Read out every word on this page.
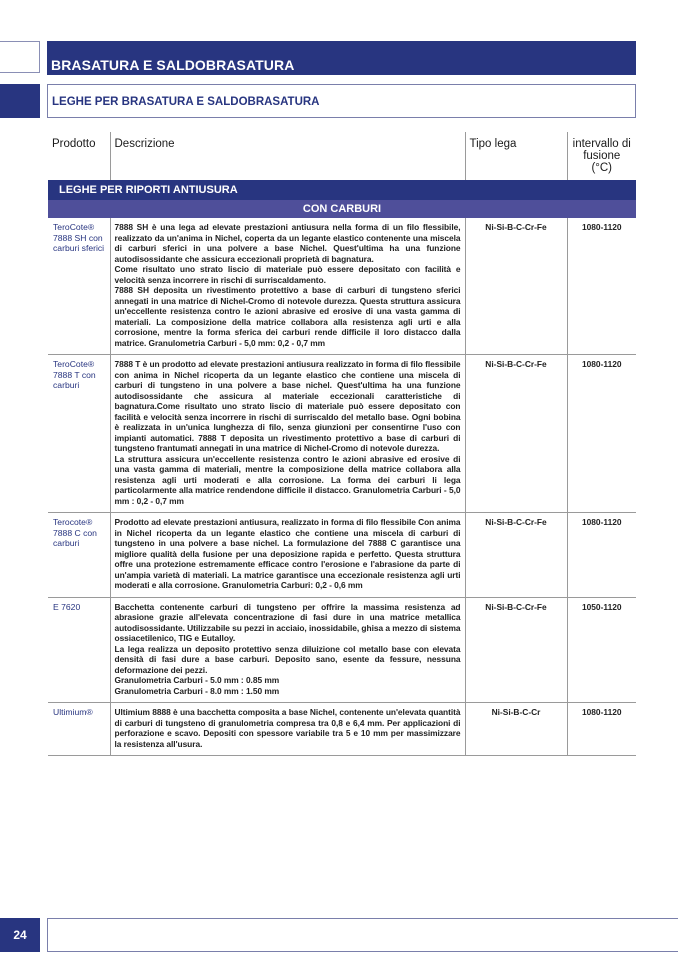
BRASATURA E SALDOBRASATURA
LEGHE PER BRASATURA E SALDOBRASATURA
Prodotto	Descrizione	Tipo lega	intervallo di fusione (°C)
LEGHE PER RIPORTI ANTIUSURA			
CON CARBURI			
TeroCote® 7888 SH con carburi sferici	7888 SH è una lega ad elevate prestazioni antiusura nella forma di un filo flessibile, realizzato da un'anima in Nichel, coperta da un legante elastico contenente una miscela di carburi sferici in una polvere a base Nichel. Quest'ultima ha una funzione autodisossidante che assicura eccezionali proprietà di bagnatura.

Come risultato uno strato liscio di materiale può essere depositato con facilità e velocità senza incorrere in rischi di surriscaldamento.

7888 SH deposita un rivestimento protettivo a base di carburi di tungsteno sferici annegati in una matrice di Nichel-Cromo di notevole durezza. Questa struttura assicura un'eccellente resistenza contro le azioni abrasive ed erosive di una vasta gamma di materiali. La composizione della matrice collabora alla resistenza agli urti e alla corrosione, mentre la forma sferica dei carburi rende difficile il loro distacco dalla matrice. Granulometria Carburi - 5,0 mm: 0,2 - 0,7 mm	Ni-Si-B-C-Cr-Fe	1080-1120
TeroCote® 7888 T con carburi	7888 T è un prodotto ad elevate prestazioni antiusura realizzato in forma di filo flessibile con anima in Nichel ricoperta da un legante elastico che contiene una miscela di carburi di tungsteno in una polvere a base nichel. Quest'ultima ha una funzione autodisossidante che assicura al materiale eccezionali caratteristiche di bagnatura.Come risultato uno strato liscio di materiale può essere depositato con facilità e velocità senza incorrere in rischi di surriscaldo del metallo base. Ogni bobina è realizzata in un'unica lunghezza di filo, senza giunzioni per consentirne l'uso con impianti automatici. 7888 T deposita un rivestimento protettivo a base di carburi di tungsteno frantumati annegati in una matrice di Nichel-Cromo di notevole durezza.

La struttura assicura un'eccellente resistenza contro le azioni abrasive ed erosive di una vasta gamma di materiali, mentre la composizione della matrice collabora alla resistenza agli urti moderati e alla corrosione. La forma dei carburi li lega particolarmente alla matrice rendendone difficile il distacco. Granulometria Carburi - 5,0 mm : 0,2 - 0,7 mm	Ni-Si-B-C-Cr-Fe	1080-1120
Terocote® 7888 C con carburi	Prodotto ad elevate prestazioni antiusura, realizzato in forma di filo flessibile Con anima in Nichel ricoperta da un legante elastico che contiene una miscela di carburi di tungsteno in una polvere a base nichel. La formulazione del 7888 C garantisce una migliore qualità della fusione per una deposizione rapida e perfetto. Questa struttura offre una protezione estremamente efficace contro l'erosione e l'abrasione da parte di un'ampia varietà di materiali. La matrice garantisce una eccezionale resistenza agli urti moderati e alla corrosione. Granulometria Carburi: 0,2 - 0,6 mm	Ni-Si-B-C-Cr-Fe	1080-1120
E 7620	Bacchetta contenente carburi di tungsteno per offrire la massima resistenza ad abrasione grazie all'elevata concentrazione di fasi dure in una matrice metallica autodisossidante. Utilizzabile su pezzi in acciaio, inossidabile, ghisa a mezzo di sistema ossiacetilenico, TIG e Eutalloy.

La lega realizza un deposito protettivo senza diluizione col metallo base con elevata densità di fasi dure a base carburi. Deposito sano, esente da fessure, nessuna deformazione dei pezzi.

Granulometria Carburi - 5.0 mm : 0.85 mm

Granulometria Carburi - 8.0 mm : 1.50 mm	Ni-Si-B-C-Cr-Fe	1050-1120
Ultimium®	Ultimium 8888 è una bacchetta composita a base Nichel, contenente un'elevata quantità di carburi di tungsteno di granulometria compresa tra 0,8 e 6,4 mm. Per applicazioni di perforazione e scavo. Depositi con spessore variabile tra 5 e 10 mm per massimizzare la resistenza all'usura.	Ni-Si-B-C-Cr	1080-1120
24
